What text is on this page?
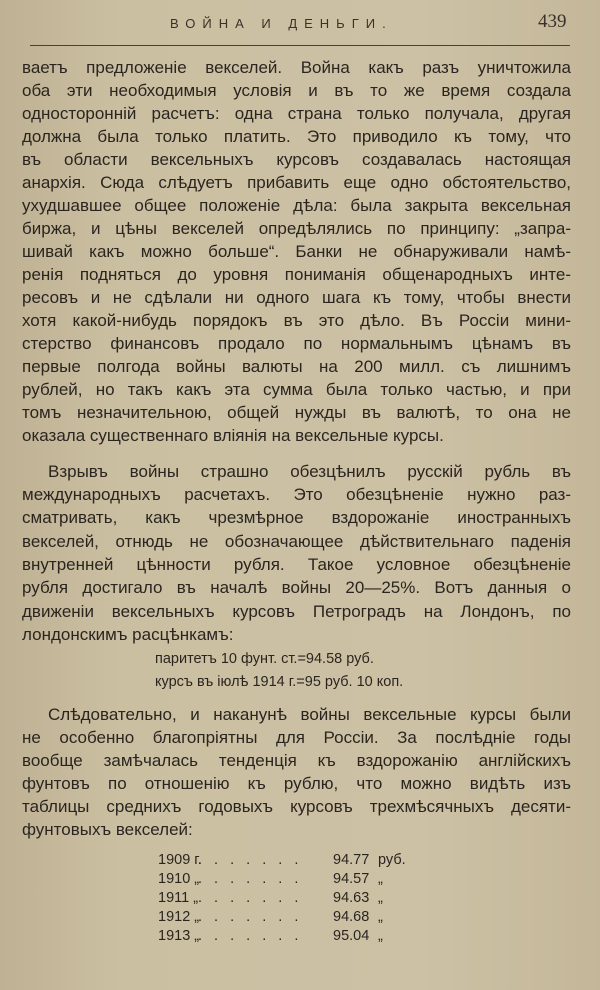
ВОЙНА И ДЕНЬГИ.	439
ваетъ предложеніе векселей. Война какъ разъ уничтожила
оба эти необходимыя условія и въ то же время создала
односторонній расчетъ: одна страна только получала, другая
должна была только платить. Это приводило къ тому, что
въ области вексельныхъ курсовъ создавалась настоящая
анархія. Сюда слѣдуетъ прибавить еще одно обстоятельство,
ухудшавшее общее положеніе дѣла: была закрыта вексельная
биржа, и цѣны векселей опредѣлялись по принципу: „запра-
шивай какъ можно больше“. Банки не обнаруживали намѣ-
ренія подняться до уровня пониманія общенародныхъ инте-
ресовъ и не сдѣлали ни одного шага къ тому, чтобы внести
хотя какой-нибудь порядокъ въ это дѣло. Въ Россіи мини-
стерство финансовъ продало по нормальнымъ цѣнамъ въ
первые полгода войны валюты на 200 милл. съ лишнимъ
рублей, но такъ какъ эта сумма была только частью, и при
томъ незначительною, общей нужды въ валютѣ, то она не
оказала существеннаго вліянія на вексельные курсы.
Взрывъ войны страшно обезцѣнилъ русскій рубль въ
международныхъ расчетахъ. Это обезцѣненіе нужно раз-
сматривать, какъ чрезмѣрное вздорожаніе иностранныхъ
векселей, отнюдь не обозначающее дѣйствительнаго паденія
внутренней цѣнности рубля. Такое условное обезцѣненіе
рубля достигало въ началѣ войны 20—25%. Вотъ данныя о
движеніи вексельныхъ курсовъ Петроградъ на Лондонъ, по
лондонскимъ расцѣнкамъ:
Слѣдовательно, и наканунѣ войны вексельные курсы были
не особенно благопріятны для Россіи. За послѣдніе годы
вообще замѣчалась тенденція къ вздорожанію англійскихъ
фунтовъ по отношенію къ рублю, что можно видѣть изъ
таблицы среднихъ годовыхъ курсовъ трехмѣсячныхъ десяти-
фунтовыхъ векселей:
паритетъ 10 фунт. ст.=94.58 руб.
курсъ въ іюлѣ 1914 г.=95 руб. 10 коп.
1909 г.
. . . . . . . 94.77 руб.
1910 „
. . . . . . . 94.57 „
1911 „ . . . . . . . 94.63 „
1912 „
. . . . . . . 94.68 „
1913 „
. . . . . . . 95.04 „
